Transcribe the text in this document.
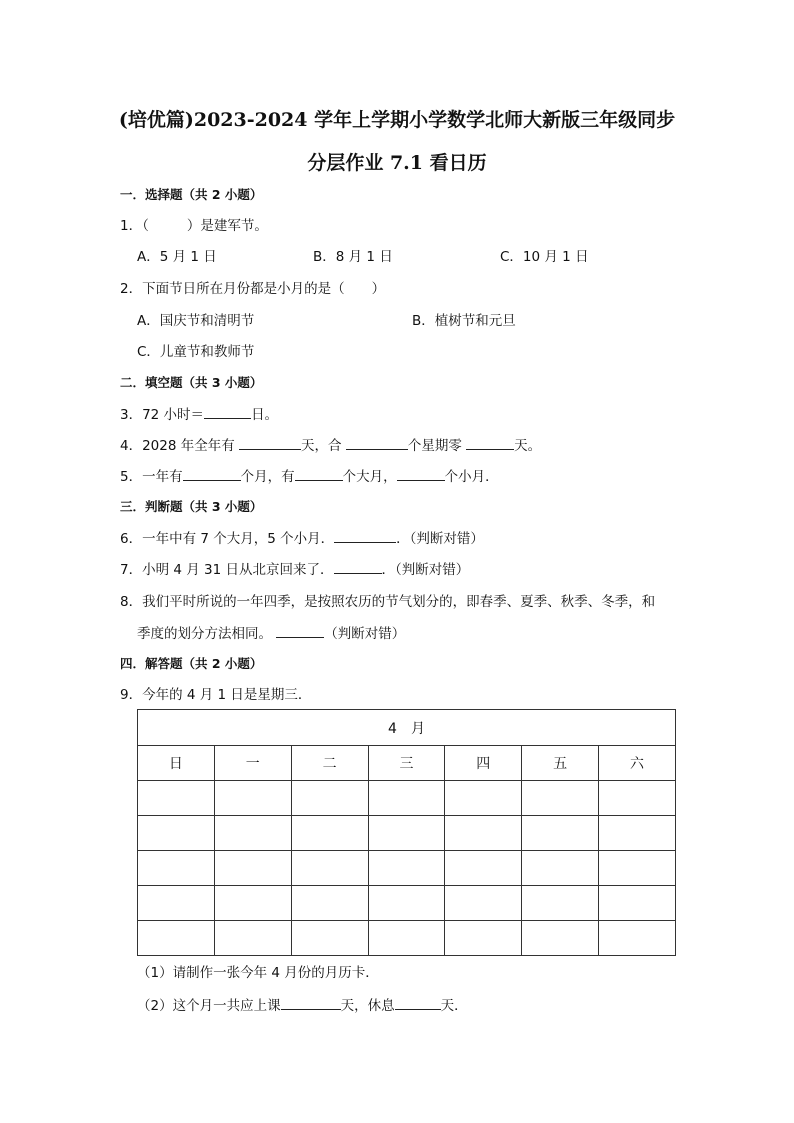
(培优篇)2023-2024 学年上学期小学数学北师大新版三年级同步
分层作业 7.1 看日历
一．选择题（共 2 小题）
1．（	）是建军节。
A．5 月 1 日	B．8 月 1 日	C．10 月 1 日
2．下面节日所在月份都是小月的是（　　）
A．国庆节和清明节	B．植树节和元旦
C．儿童节和教师节
二．填空题（共 3 小题）
3．72 小时＝	日。
4．2028 年全年有	天，合	个星期零	天。
5．一年有	个月，有	个大月，	个小月．
三．判断题（共 3 小题）
6．一年中有 7 个大月，5 个小月．	．（判断对错）
7．小明 4 月 31 日从北京回来了．	．（判断对错）
8．我们平时所说的一年四季，是按照农历的节气划分的，即春季、夏季、秋季、冬季，和
季度的划分方法相同。	（判断对错）
四．解答题（共 2 小题）
9．今年的 4 月 1 日是星期三．
4　月						
日	一	二	三	四	五	六

（1）请制作一张今年 4 月份的月历卡．
（2）这个月一共应上课	天，休息	天．
